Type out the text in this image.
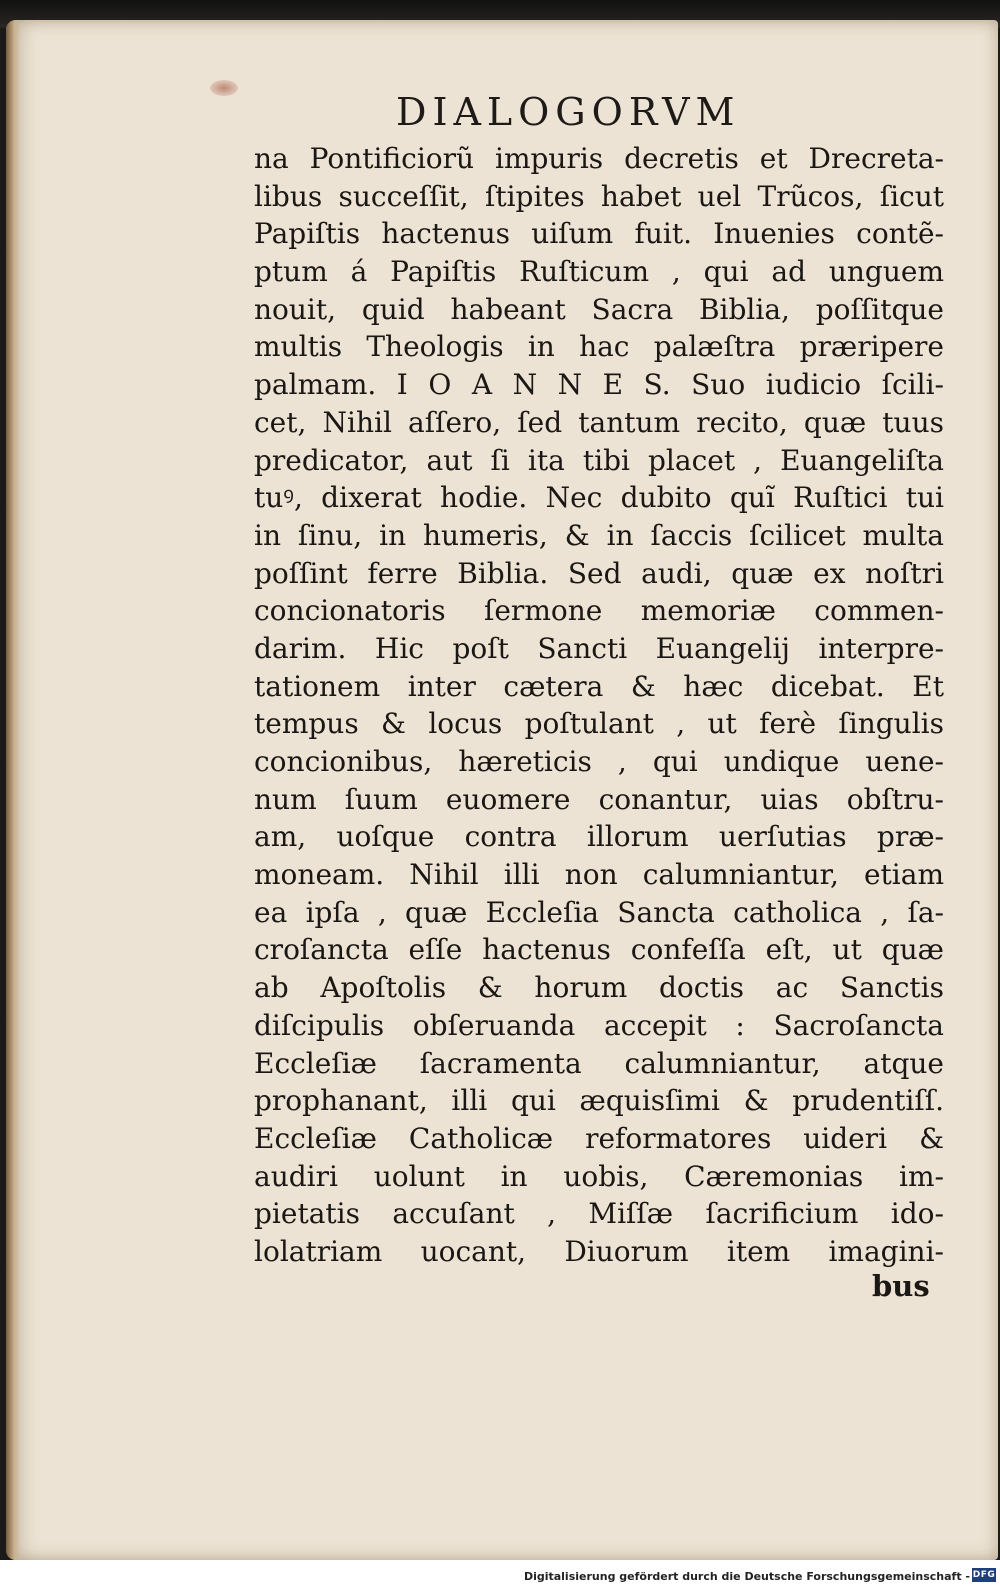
DIALOGORVM
na Pontificiorũ impuris decretis et Drecreta-
libus succeſſit, ſtipites habet uel Trũcos, ſicut
Papiſtis hactenus uiſum fuit. Inuenies contẽ-
ptum á Papiſtis Ruſticum , qui ad unguem
nouit, quid habeant Sacra Biblia, poſſitque
multis Theologis in hac palæſtra præripere
palmam. I O A N N E S. Suo iudicio ſcili-
cet, Nihil aſſero, ſed tantum recito, quæ tuus
predicator, aut ſi ita tibi placet , Euangeliſta
tuꝰ, dixerat hodie. Nec dubito quĩ Ruſtici tui
in ſinu, in humeris, & in ſaccis ſcilicet multa
poſſint ferre Biblia. Sed audi, quæ ex noſtri
concionatoris ſermone memoriæ commen-
darim. Hic poſt Sancti Euangelij interpre-
tationem inter cætera & hæc dicebat. Et
tempus & locus poſtulant , ut ferè ſingulis
concionibus, hæreticis , qui undique uene-
num ſuum euomere conantur, uias obſtru-
am, uoſque contra illorum uerſutias præ-
moneam. Nihil illi non calumniantur, etiam
ea ipſa , quæ Eccleſia Sancta catholica , ſa-
croſancta eſſe hactenus confeſſa eſt, ut quæ
ab Apoſtolis & horum doctis ac Sanctis
diſcipulis obſeruanda accepit : Sacroſancta
Eccleſiæ ſacramenta calumniantur, atque
prophanant, illi qui æquisſimi & prudentiſſ.
Eccleſiæ Catholicæ reformatores uideri &
audiri uolunt in uobis, Cæremonias im-
pietatis accuſant , Miſſæ ſacrificium ido-
lolatriam uocant, Diuorum item imagini-
bus
Digitalisierung gefördert durch die Deutsche Forschungsgemeinschaft - DFG
